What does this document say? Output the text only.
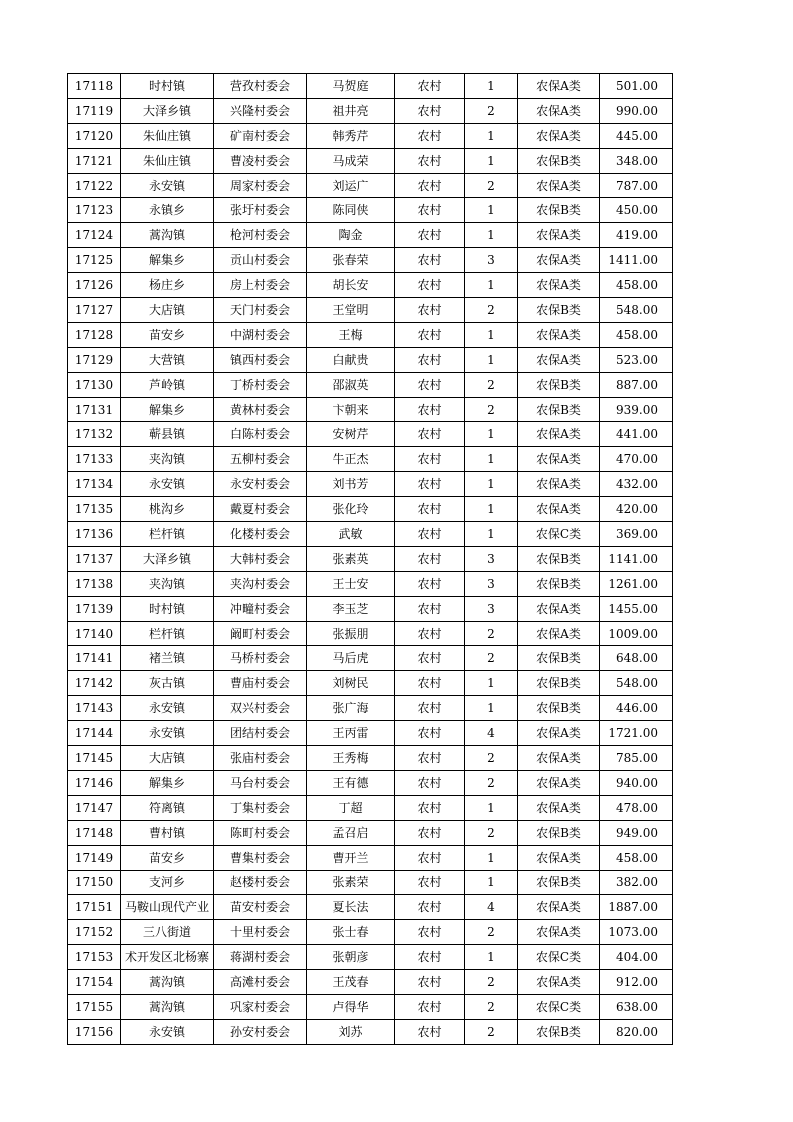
17118	时村镇	营孜村委会	马贺庭	农村	1	农保A类	501.00
17119	大泽乡镇	兴隆村委会	祖井亮	农村	2	农保A类	990.00
17120	朱仙庄镇	矿南村委会	韩秀芹	农村	1	农保A类	445.00
17121	朱仙庄镇	曹凌村委会	马成荣	农村	1	农保B类	348.00
17122	永安镇	周家村委会	刘运广	农村	2	农保A类	787.00
17123	永镇乡	张圩村委会	陈同侠	农村	1	农保B类	450.00
17124	蒿沟镇	枪河村委会	陶金	农村	1	农保A类	419.00
17125	解集乡	贡山村委会	张春荣	农村	3	农保A类	1411.00
17126	杨庄乡	房上村委会	胡长安	农村	1	农保A类	458.00
17127	大店镇	天门村委会	王堂明	农村	2	农保B类	548.00
17128	苗安乡	中湖村委会	王梅	农村	1	农保A类	458.00
17129	大营镇	镇西村委会	白献贵	农村	1	农保A类	523.00
17130	芦岭镇	丁桥村委会	邵淑英	农村	2	农保B类	887.00
17131	解集乡	黄林村委会	卞朝来	农村	2	农保B类	939.00
17132	蕲县镇	白陈村委会	安树芹	农村	1	农保A类	441.00
17133	夹沟镇	五柳村委会	牛正杰	农村	1	农保A类	470.00
17134	永安镇	永安村委会	刘书芳	农村	1	农保A类	432.00
17135	桃沟乡	戴夏村委会	张化玲	农村	1	农保A类	420.00
17136	栏杆镇	化楼村委会	武敏	农村	1	农保C类	369.00
17137	大泽乡镇	大韩村委会	张素英	农村	3	农保B类	1141.00
17138	夹沟镇	夹沟村委会	王士安	农村	3	农保B类	1261.00
17139	时村镇	冲疃村委会	李玉芝	农村	3	农保A类	1455.00
17140	栏杆镇	阚町村委会	张振朋	农村	2	农保A类	1009.00
17141	褚兰镇	马桥村委会	马后虎	农村	2	农保B类	648.00
17142	灰古镇	曹庙村委会	刘树民	农村	1	农保B类	548.00
17143	永安镇	双兴村委会	张广海	农村	1	农保B类	446.00
17144	永安镇	团结村委会	王丙雷	农村	4	农保A类	1721.00
17145	大店镇	张庙村委会	王秀梅	农村	2	农保A类	785.00
17146	解集乡	马台村委会	王有德	农村	2	农保A类	940.00
17147	符离镇	丁集村委会	丁超	农村	1	农保A类	478.00
17148	曹村镇	陈町村委会	孟召启	农村	2	农保B类	949.00
17149	苗安乡	曹集村委会	曹开兰	农村	1	农保A类	458.00
17150	支河乡	赵楼村委会	张素荣	农村	1	农保B类	382.00
17151	马鞍山现代产业	苗安村委会	夏长法	农村	4	农保A类	1887.00
17152	三八街道	十里村委会	张士春	农村	2	农保A类	1073.00
17153	术开发区北杨寨	蒋湖村委会	张朝彦	农村	1	农保C类	404.00
17154	蒿沟镇	高滩村委会	王茂春	农村	2	农保A类	912.00
17155	蒿沟镇	巩家村委会	卢得华	农村	2	农保C类	638.00
17156	永安镇	孙安村委会	刘苏	农村	2	农保B类	820.00
